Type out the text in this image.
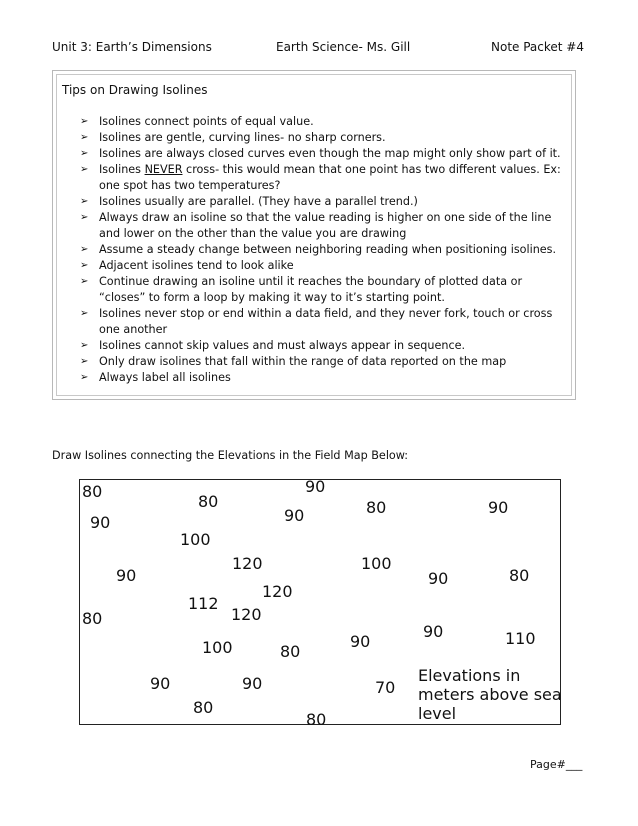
Unit 3: Earth’s Dimensions	Earth Science- Ms. Gill	Note Packet #4
Tips on Drawing Isolines
➢ Isolines connect points of equal value.
➢ Isolines are gentle, curving lines- no sharp corners.
➢ Isolines are always closed curves even though the map might only show part of it.
➢ Isolines NEVER cross- this would mean that one point has two different values. Ex: one spot has two temperatures?
➢ Isolines usually are parallel. (They have a parallel trend.)
➢ Always draw an isoline so that the value reading is higher on one side of the line and lower on the other than the value you are drawing
➢ Assume a steady change between neighboring reading when positioning isolines.
➢ Adjacent isolines tend to look alike
➢ Continue drawing an isoline until it reaches the boundary of plotted data or “closes” to form a loop by making it way to it’s starting point.
➢ Isolines never stop or end within a data field, and they never fork, touch or cross one another
➢ Isolines cannot skip values and must always appear in sequence.
➢ Only draw isolines that fall within the range of data reported on the map
➢ Always label all isolines
Draw Isolines connecting the Elevations in the Field Map Below:
80	90
80
90	90	80	90
100
120	100
90	90	80
120
112
120
80
90
90	110
100	80
90	90	70
80
80
Elevations in meters above sea level
Page#___
